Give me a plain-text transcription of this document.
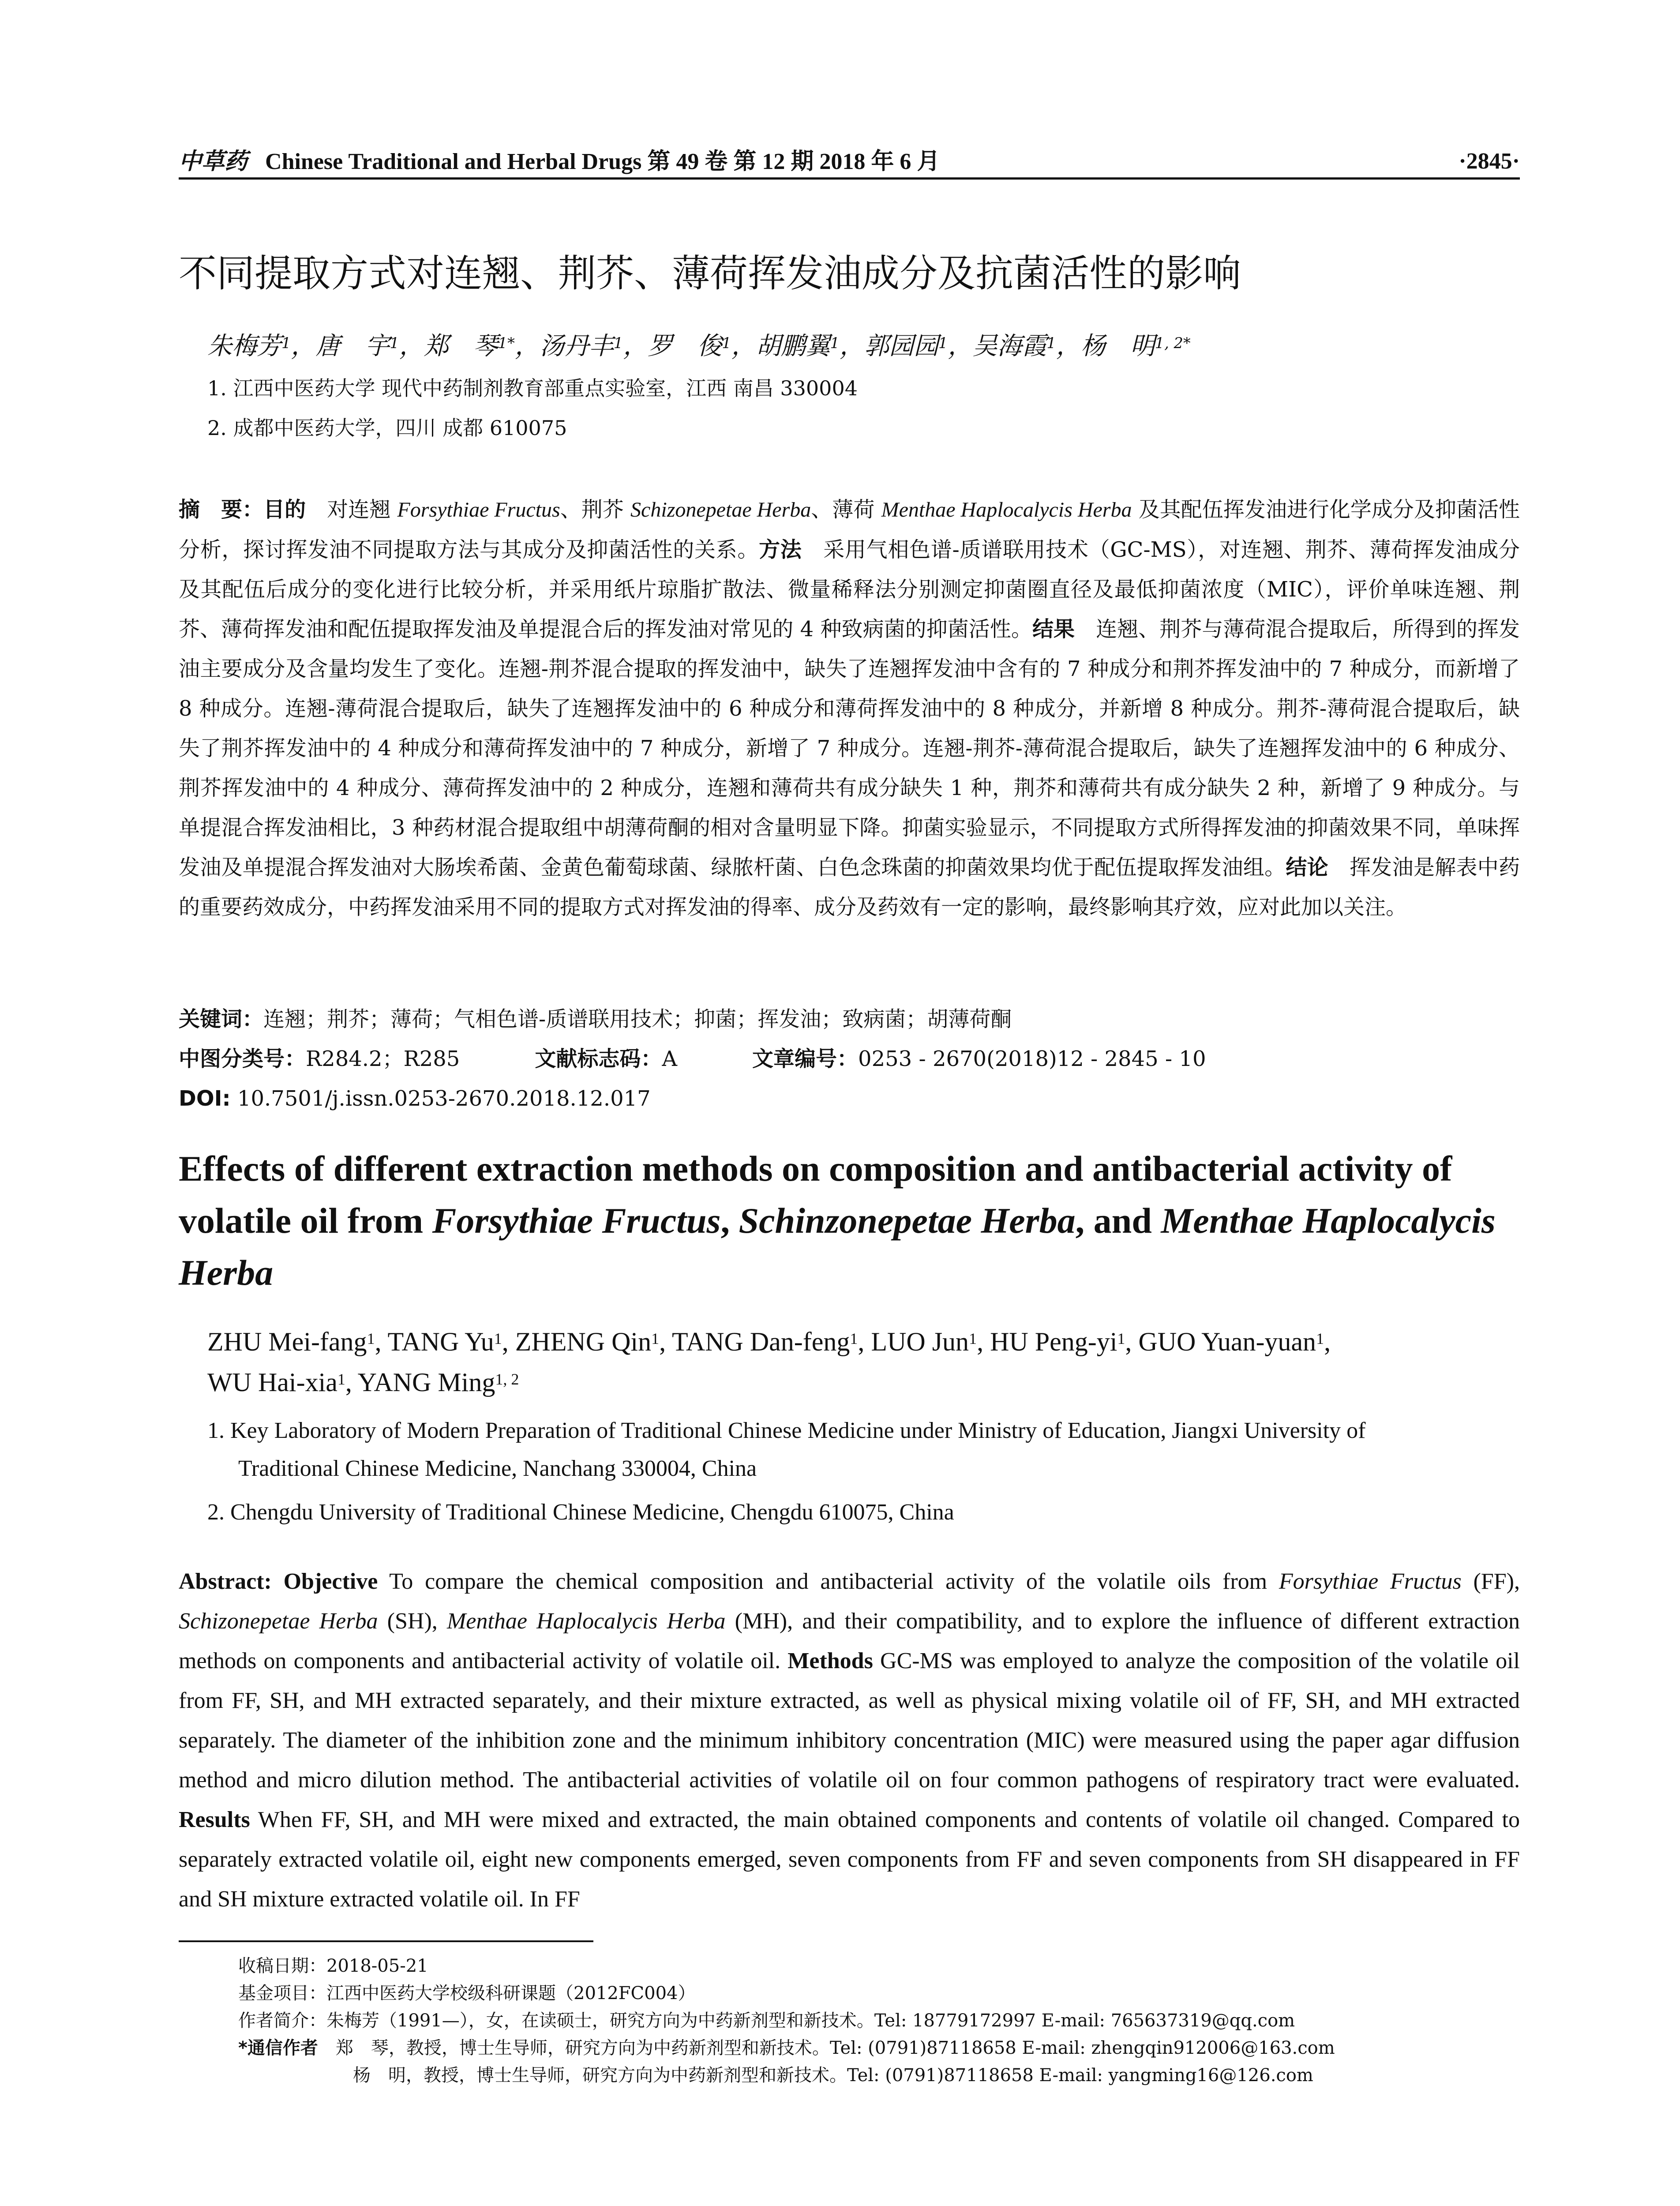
中草药 Chinese Traditional and Herbal Drugs 第 49 卷 第 12 期 2018 年 6 月	·2845·
不同提取方式对连翘、荆芥、薄荷挥发油成分及抗菌活性的影响
朱梅芳$^1$，唐　宇$^1$，郑　琴$^{1*}$，汤丹丰$^1$，罗　俊$^1$，胡鹏翼$^1$，郭园园$^1$，吴海霞$^1$，杨　明$^{1, 2*}$
1. 江西中医药大学 现代中药制剂教育部重点实验室，江西 南昌 330004
2. 成都中医药大学，四川 成都 610075
摘　要：目的　对连翘 Forsythiae Fructus、荆芥 Schizonepetae Herba、薄荷 Menthae Haplocalycis Herba 及其配伍挥发油进行化学成分及抑菌活性分析，探讨挥发油不同提取方法与其成分及抑菌活性的关系。方法　采用气相色谱-质谱联用技术（GC-MS），对连翘、荆芥、薄荷挥发油成分及其配伍后成分的变化进行比较分析，并采用纸片琼脂扩散法、微量稀释法分别测定抑菌圈直径及最低抑菌浓度（MIC），评价单味连翘、荆芥、薄荷挥发油和配伍提取挥发油及单提混合后的挥发油对常见的 4 种致病菌的抑菌活性。结果　连翘、荆芥与薄荷混合提取后，所得到的挥发油主要成分及含量均发生了变化。连翘-荆芥混合提取的挥发油中，缺失了连翘挥发油中含有的 7 种成分和荆芥挥发油中的 7 种成分，而新增了 8 种成分。连翘-薄荷混合提取后，缺失了连翘挥发油中的 6 种成分和薄荷挥发油中的 8 种成分，并新增 8 种成分。荆芥-薄荷混合提取后，缺失了荆芥挥发油中的 4 种成分和薄荷挥发油中的 7 种成分，新增了 7 种成分。连翘-荆芥-薄荷混合提取后，缺失了连翘挥发油中的 6 种成分、荆芥挥发油中的 4 种成分、薄荷挥发油中的 2 种成分，连翘和薄荷共有成分缺失 1 种，荆芥和薄荷共有成分缺失 2 种，新增了 9 种成分。与单提混合挥发油相比，3 种药材混合提取组中胡薄荷酮的相对含量明显下降。抑菌实验显示，不同提取方式所得挥发油的抑菌效果不同，单味挥发油及单提混合挥发油对大肠埃希菌、金黄色葡萄球菌、绿脓杆菌、白色念珠菌的抑菌效果均优于配伍提取挥发油组。结论　挥发油是解表中药的重要药效成分，中药挥发油采用不同的提取方式对挥发油的得率、成分及药效有一定的影响，最终影响其疗效，应对此加以关注。
关键词：连翘；荆芥；薄荷；气相色谱-质谱联用技术；抑菌；挥发油；致病菌；胡薄荷酮
中图分类号：R284.2；R285	文献标志码：A	文章编号：0253 - 2670(2018)12 - 2845 - 10
DOI: 10.7501/j.issn.0253-2670.2018.12.017
Effects of different extraction methods on composition and antibacterial activity of volatile oil from Forsythiae Fructus, Schinzonepetae Herba, and Menthae Haplocalycis Herba
ZHU Mei-fang$^1$, TANG Yu$^1$, ZHENG Qin$^1$, TANG Dan-feng$^1$, LUO Jun$^1$, HU Peng-$yi^1$, GUO Yuan-yuan$^1$,
WU Hai-xia$^1$, YANG Ming$^{1, 2}$
1. Key Laboratory of Modern Preparation of Traditional Chinese Medicine under Ministry of Education, Jiangxi University of
Traditional Chinese Medicine, Nanchang 330004, China
2. Chengdu University of Traditional Chinese Medicine, Chengdu 610075, China
Abstract: Objective To compare the chemical composition and antibacterial activity of the volatile oils from Forsythiae Fructus (FF), Schizonepetae Herba (SH), Menthae Haplocalycis Herba (MH), and their compatibility, and to explore the influence of different extraction methods on components and antibacterial activity of volatile oil. Methods GC-MS was employed to analyze the composition of the volatile oil from FF, SH, and MH extracted separately, and their mixture extracted, as well as physical mixing volatile oil of FF, SH, and MH extracted separately. The diameter of the inhibition zone and the minimum inhibitory concentration (MIC) were measured using the paper agar diffusion method and micro dilution method. The antibacterial activities of volatile oil on four common pathogens of respiratory tract were evaluated. Results When FF, SH, and MH were mixed and extracted, the main obtained components and contents of volatile oil changed. Compared to separately extracted volatile oil, eight new components emerged, seven components from FF and seven components from SH disappeared in FF and SH mixture extracted volatile oil. In FF
收稿日期：2018-05-21
基金项目：江西中医药大学校级科研课题（2012FC004）
作者简介：朱梅芳（1991—），女，在读硕士，研究方向为中药新剂型和新技术。Tel: 18779172997 E-mail: 765637319@qq.com
*通信作者　郑　琴，教授，博士生导师，研究方向为中药新剂型和新技术。Tel: (0791)87118658 E-mail: zhengqin912006@163.com
杨　明，教授，博士生导师，研究方向为中药新剂型和新技术。Tel: (0791)87118658 E-mail: yangming16@126.com
